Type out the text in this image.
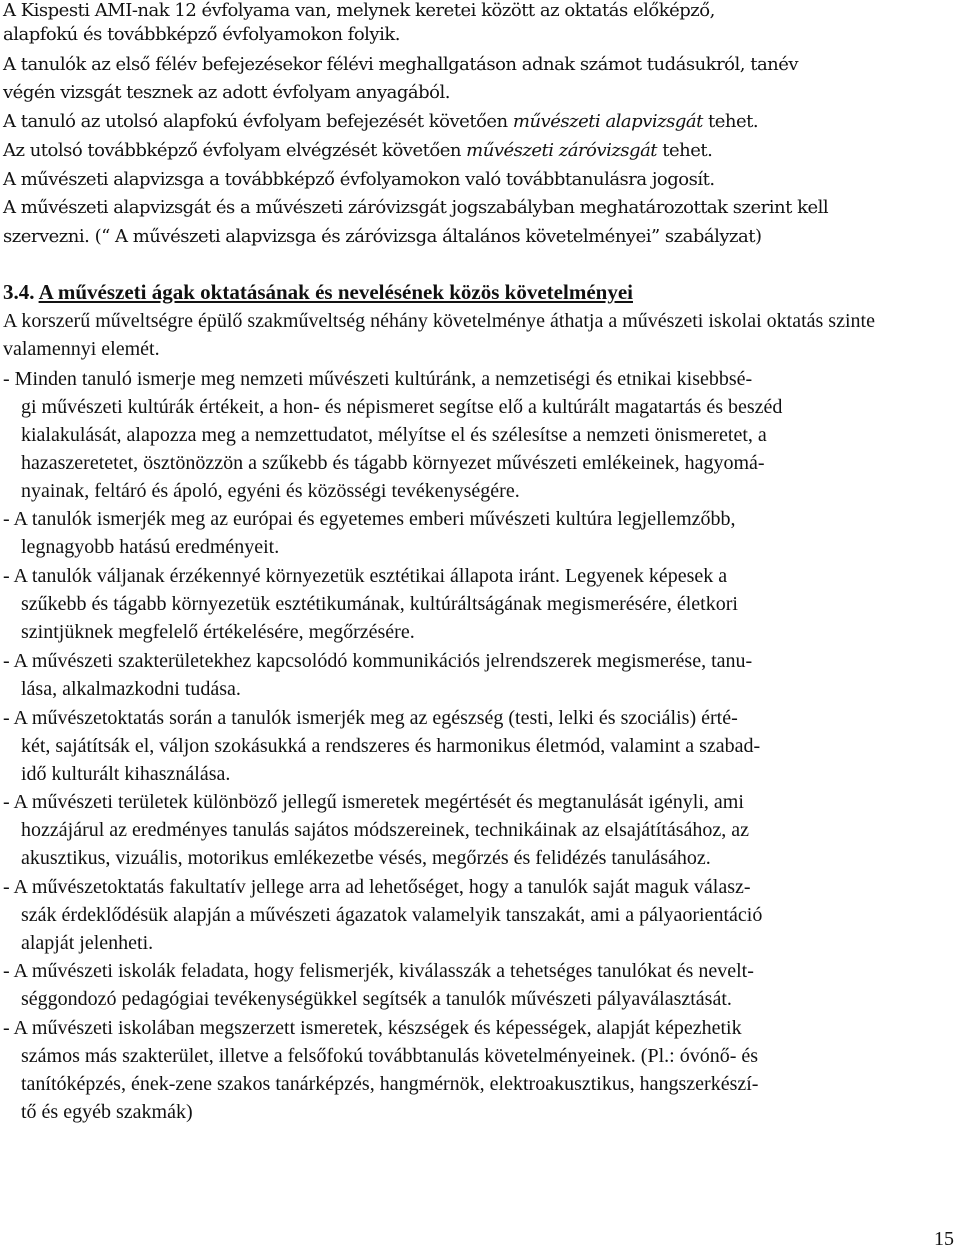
A Kispesti AMI-nak 12 évfolyama van, melynek keretei között az oktatás előképző,
alapfokú és továbbképző évfolyamokon folyik.
A tanulók az első félév befejezésekor félévi meghallgatáson adnak számot tudásukról, tanév
végén vizsgát tesznek az adott évfolyam anyagából.
A tanuló az utolsó alapfokú évfolyam befejezését követően művészeti alapvizsgát tehet.
Az utolsó továbbképző évfolyam elvégzését követően művészeti záróvizsgát tehet.
A művészeti alapvizsga a továbbképző évfolyamokon való továbbtanulásra jogosít.
A művészeti alapvizsgát és a művészeti záróvizsgát jogszabályban meghatározottak szerint kell
szervezni. (“ A művészeti alapvizsga és záróvizsga általános követelményei” szabályzat)
3.4. A művészeti ágak oktatásának és nevelésének közös követelményei

A korszerű műveltségre épülő szakműveltség néhány követelménye áthatja a művészeti iskolai oktatás szinte valamennyi elemét.

- Minden tanuló ismerje meg nemzeti művészeti kultúránk, a nemzetiségi és etnikai kisebbsé-
gi művészeti kultúrák értékeit, a hon- és népismeret segítse elő a kultúrált magatartás és beszéd
kialakulását, alapozza meg a nemzettudatot, mélyítse el és szélesítse a nemzeti önismeretet, a
hazaszeretetet, ösztönözzön a szűkebb és tágabb környezet művészeti emlékeinek, hagyomá-
nyainak, feltáró és ápoló, egyéni és közösségi tevékenységére.

- A tanulók ismerjék meg az európai és egyetemes emberi művészeti kultúra legjellemzőbb,
legnagyobb hatású eredményeit.

- A tanulók váljanak érzékennyé környezetük esztétikai állapota iránt. Legyenek képesek a
szűkebb és tágabb környezetük esztétikumának, kultúráltságának megismerésére, életkori
szintjüknek megfelelő értékelésére, megőrzésére.

- A művészeti szakterületekhez kapcsolódó kommunikációs jelrendszerek megismerése, tanu-
lása, alkalmazkodni tudása.

- A művészetoktatás során a tanulók ismerjék meg az egészség (testi, lelki és szociális) érté-
két, sajátítsák el, váljon szokásukká a rendszeres és harmonikus életmód, valamint a szabad-
idő kulturált kihasználása.

- A művészeti területek különböző jellegű ismeretek megértését és megtanulását igényli, ami
hozzájárul az eredményes tanulás sajátos módszereinek, technikáinak az elsajátításához, az
akusztikus, vizuális, motorikus emlékezetbe vésés, megőrzés és felidézés tanulásához.

- A művészetoktatás fakultatív jellege arra ad lehetőséget, hogy a tanulók saját maguk válasz-
szák érdeklődésük alapján a művészeti ágazatok valamelyik tanszakát, ami a pályaorientáció
alapját jelenheti.

- A művészeti iskolák feladata, hogy felismerjék, kiválasszák a tehetséges tanulókat és nevelt-
séggondozó pedagógiai tevékenységükkel segítsék a tanulók művészeti pályaválasztását.

- A művészeti iskolában megszerzett ismeretek, készségek és képességek, alapját képezhetik
számos más szakterület, illetve a felsőfokú továbbtanulás követelményeinek. (Pl.: óvónő- és
tanítóképzés, ének-zene szakos tanárképzés, hangmérnök, elektroakusztikus, hangszerkészí-
tő és egyéb szakmák)

15
